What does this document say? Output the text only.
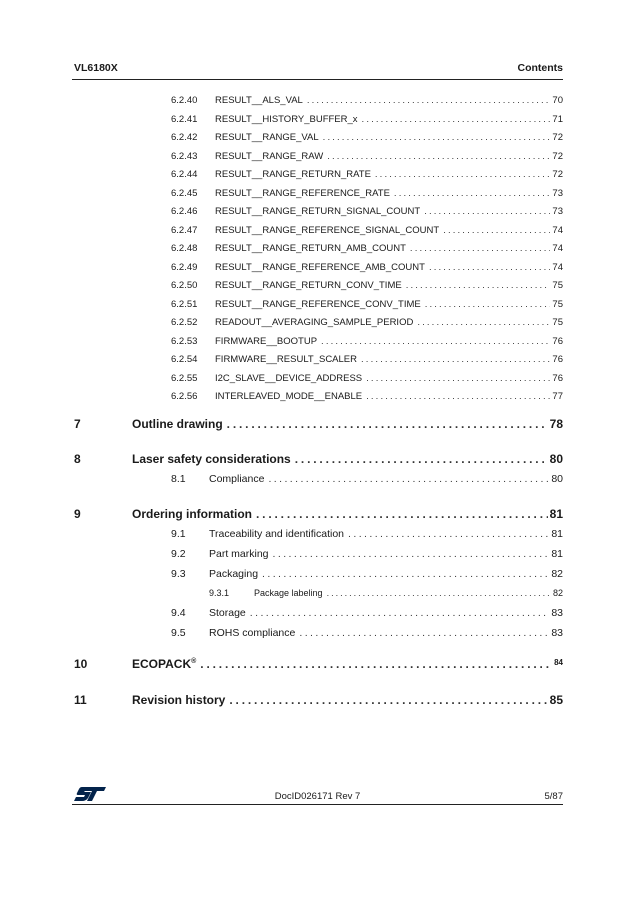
VL6180X	Contents
6.2.40	RESULT__ALS_VAL . . .	70
6.2.41	RESULT__HISTORY_BUFFER_x . . .	71
6.2.42	RESULT__RANGE_VAL . . .	72
6.2.43	RESULT__RANGE_RAW . . .	72
6.2.44	RESULT__RANGE_RETURN_RATE . . .	72
6.2.45	RESULT__RANGE_REFERENCE_RATE . . .	73
6.2.46	RESULT__RANGE_RETURN_SIGNAL_COUNT . . .	73
6.2.47	RESULT__RANGE_REFERENCE_SIGNAL_COUNT . . .	74
6.2.48	RESULT__RANGE_RETURN_AMB_COUNT . . .	74
6.2.49	RESULT__RANGE_REFERENCE_AMB_COUNT . . .	74
6.2.50	RESULT__RANGE_RETURN_CONV_TIME . . .	75
6.2.51	RESULT__RANGE_REFERENCE_CONV_TIME . . .	75
6.2.52	READOUT__AVERAGING_SAMPLE_PERIOD . . .	75
6.2.53	FIRMWARE__BOOTUP . . .	76
6.2.54	FIRMWARE__RESULT_SCALER . . .	76
6.2.55	I2C_SLAVE__DEVICE_ADDRESS . . .	76
6.2.56	INTERLEAVED_MODE__ENABLE . . .	77
7	Outline drawing . . .	78
8	Laser safety considerations . . .	80
8.1	Compliance . . .	80
9	Ordering information . . .	81
9.1	Traceability and identification . . .	81
9.2	Part marking . . .	81
9.3	Packaging . . .	82
9.3.1	Package labeling . . .	82
9.4	Storage . . .	83
9.5	ROHS compliance . . .	83
10	ECOPACK® . . .	84
11	Revision history . . .	85
DocID026171 Rev 7	5/87
